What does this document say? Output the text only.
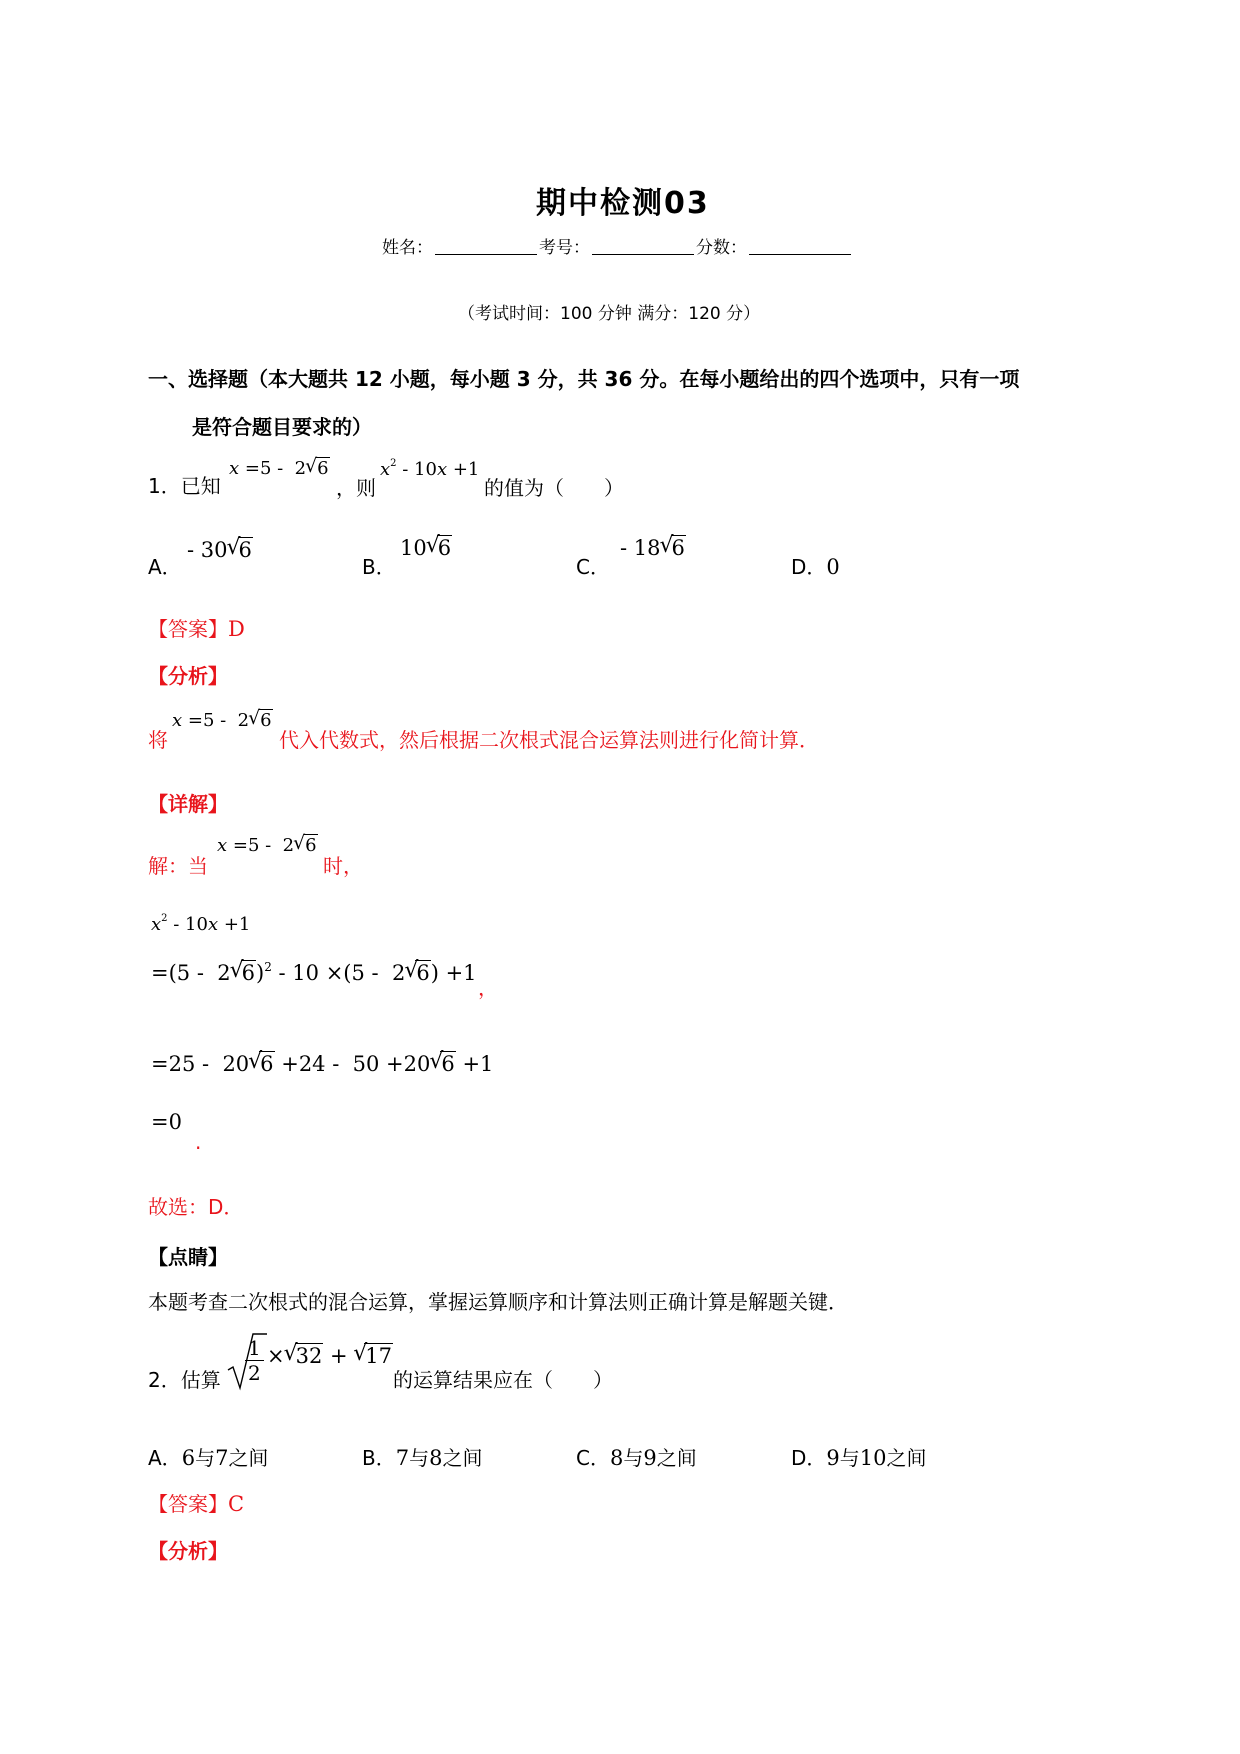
期中检测03
姓名：	考号：	分数：
（考试时间：100 分钟 满分：120 分）
一、选择题（本大题共 12 小题，每小题 3 分，共 36 分。在每小题给出的四个选项中，只有一项
是符合题目要求的）
1．已知
x =5 -  2 √ 6
，则
$x^2 - 10x +1$
的值为（　　）
A．
- 30 √ 6
B．
10 √ 6
C．
- 18 √ 6
D．0
【答案】D
【分析】
将
x =5 -  2 √ 6
代入代数式，然后根据二次根式混合运算法则进行化简计算．
【详解】
解：当
x =5 -  2 √ 6
时，
$x^2 - 10x +1$
=(5 -  2 √ 6)$^2$ - 10 ×(5 -  2 √ 6) +1
，
=25 -  20 √ 6 +24 -  50 +20 √ 6 +1
=0
.
故选：D．
【点睛】
本题考查二次根式的混合运算，掌握运算顺序和计算法则正确计算是解题关键．
2．估算 $\frac{1}{2}$ × √ 32 + √ 17
的运算结果应在（　　）
A．6与7之间	B．7与8之间	C．8与9之间	D．9与10之间
【答案】C
【分析】
